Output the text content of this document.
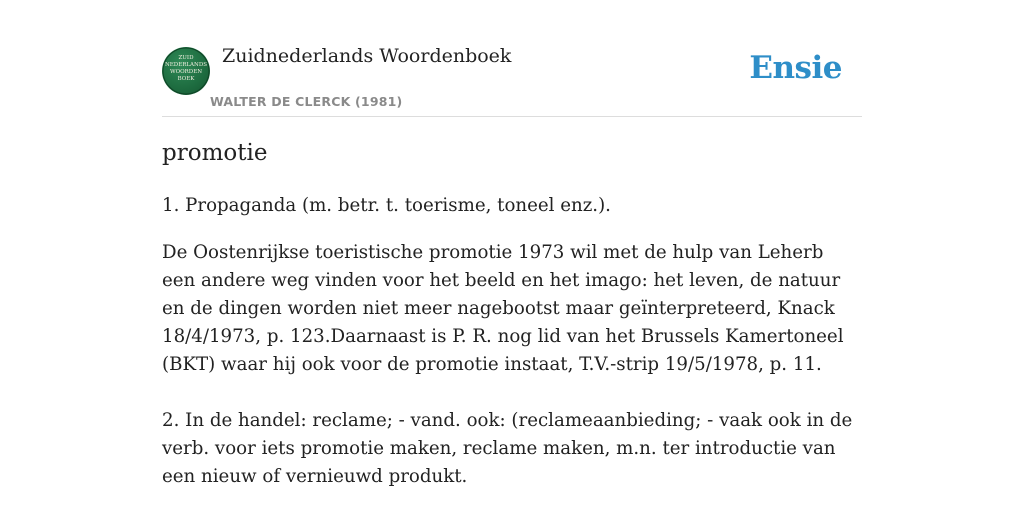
ZUID
NEDERLANDS
WOORDEN
BOEK
Zuidnederlands Woordenboek
WALTER DE CLERCK (1981)
Ensie
promotie

1. Propaganda (m. betr. t. toerisme, toneel enz.).

De Oostenrijkse toeristische promotie 1973 wil met de hulp van Leherb een andere weg vinden voor het beeld en het imago: het leven, de natuur en de dingen worden niet meer nagebootst maar geïnterpreteerd, Knack 18/4/1973, p. 123.Daarnaast is P. R. nog lid van het Brussels Kamertoneel (BKT) waar hij ook voor de promotie instaat, T.V.-strip 19/5/1978, p. 11.

2. In de handel: reclame; - vand. ook: (reclameaanbieding; - vaak ook in de verb. voor iets promotie maken, reclame maken, m.n. ter introductie van een nieuw of vernieuwd produkt.
